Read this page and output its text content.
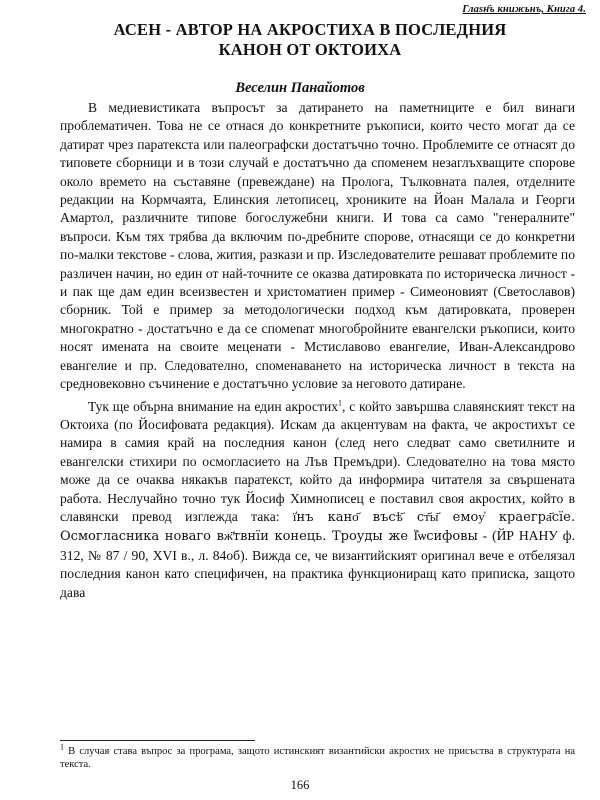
Глаѕн҃ъ книжьнъ, Книга 4.
АСЕН - АВТОР НА АКРОСТИХА В ПОСЛЕДНИЯ
КАНОН ОТ ОКТОИХА
Веселин Панайотов

В медиевистиката въпросът за датирането на паметниците е бил винаги проблематичен. Това не се отнася до конкретните ръкописи, които често могат да се датират чрез паратекста или палеографски достатъчно точно. Проблемите се отнасят до типовете сборници и в този случай е достатъчно да споменем незаглъхващите спорове около времето на съставяне (превеждане) на Пролога, Тълковната палея, отделните редакции на Кормчаята, Елинския летописец, хрониките на Йоан Малала и Георги Амартол, различните типове богослужебни книги. И това са само "генералните" въпроси. Към тях трябва да включим по-дребните спорове, отнасящи се до конкретни по-малки текстове - слова, жития, разкази и пр. Изследователите решават проблемите по различен начин, но един от най-точните се оказва датировката по историческа личност - и пак ще дам един всеизвестен и христоматиен пример - Симеоновият (Светославов) сборник. Той е пример за методологически подход към датировката, проверен многократно - достатъчно е да се спомenат многобройните евангелски ръкописи, които носят имената на своите меценати - Мстиславово евангелие, Иван-Александрово евангелие и пр. Следователно, споменаването на историческа личност в текста на средновековно съчинение е достатъчно условие за неговото датиране.

Тук ще обърна внимание на един акростих$^1$, с който завършва славянският текст на Октоиха (по Йосифовата редакция). Искам да акцентувам на факта, че акростихът се намира в самия край на последния канон (след него следват само светилните и евангелски стихири по осмогласието на Лъв Премъдри). Следователно на това място може да се очаква някакъв паратекст, който да информира читателя за свършената работа. Неслучайно точно тук Йосиф Химнописец е поставил своя акростих, който в славянски превод изглежда така: ї҆нъ кано҃ въсѣ҃ ст҃ы҃ емоу҆ краегра҃сїе. Осмогласника новаго вж҃твнїи конець. Троуды же Ї҆ѡсифовы - (ЙР НАНУ ф. 312, № 87 / 90, XVI в., л. 84об). Вижда се, че византийският оригинал вече е отбелязал последния канон като специфичен, на практика функциониращ като приписка, защото дава

$^1$ В случая става въпрос за програма, защото истинският византийски акростих не присъства в структурата на текста.
166
